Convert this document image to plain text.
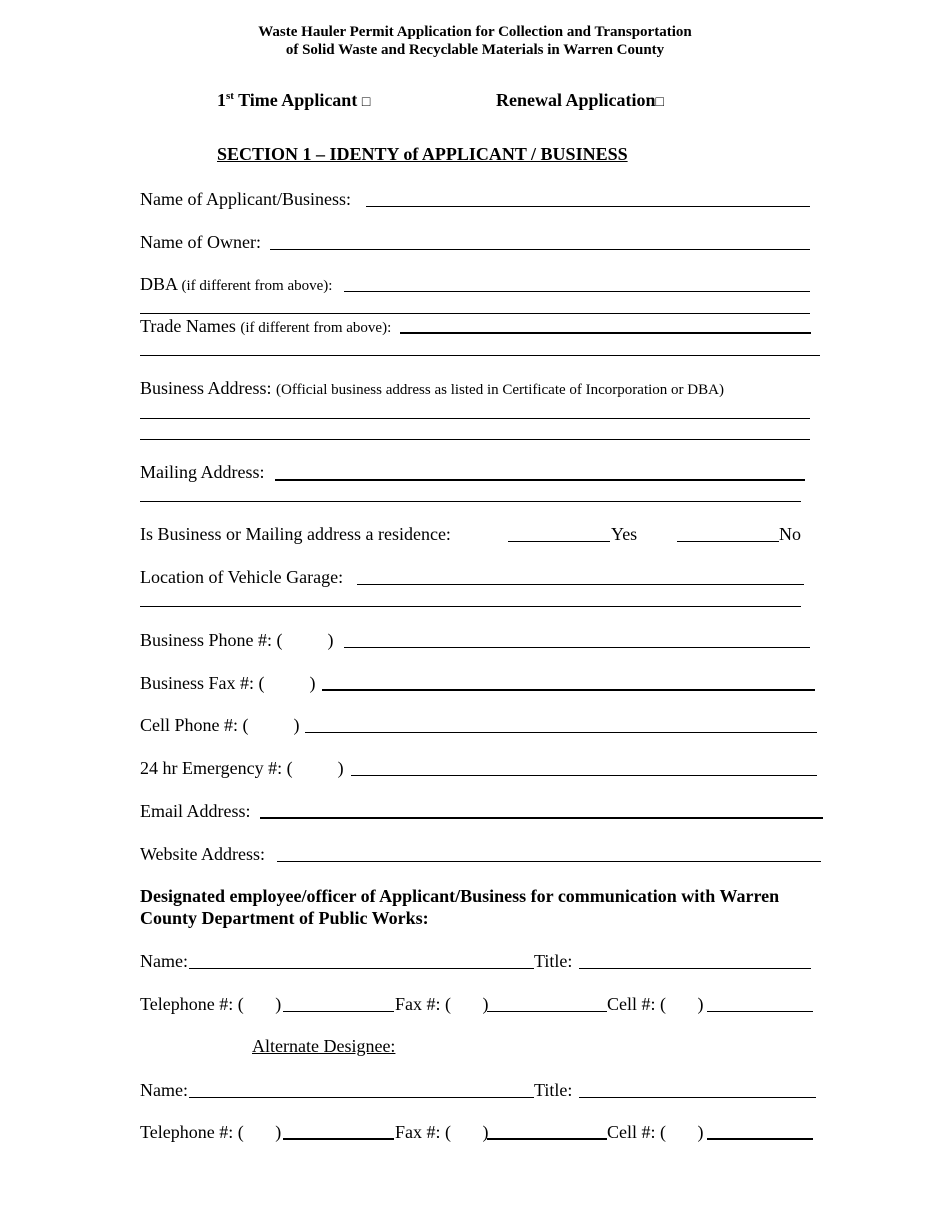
Waste Hauler Permit Application for Collection and Transportation
of Solid Waste and Recyclable Materials in Warren County
1st Time Applicant □	Renewal Application□
SECTION 1 – IDENTY of APPLICANT / BUSINESS
Name of Applicant/Business:
Name of Owner:
DBA (if different from above):
Trade Names (if different from above):
Business Address: (Official business address as listed in Certificate of Incorporation or DBA)
Mailing Address:
Is Business or Mailing address a residence:	Yes	No
Location of Vehicle Garage:
Business Phone #: (          )
Business Fax #: (          )
Cell Phone #: (          )
24 hr Emergency #: (          )
Email Address:
Website Address:
Designated employee/officer of Applicant/Business for communication with Warren
County Department of Public Works:
Name:	Title:
Telephone #: (       )	Fax #: (       )	Cell #: (       )
Alternate Designee:
Name:	Title:
Telephone #: (       )	Fax #: (       )	Cell #: (       )
